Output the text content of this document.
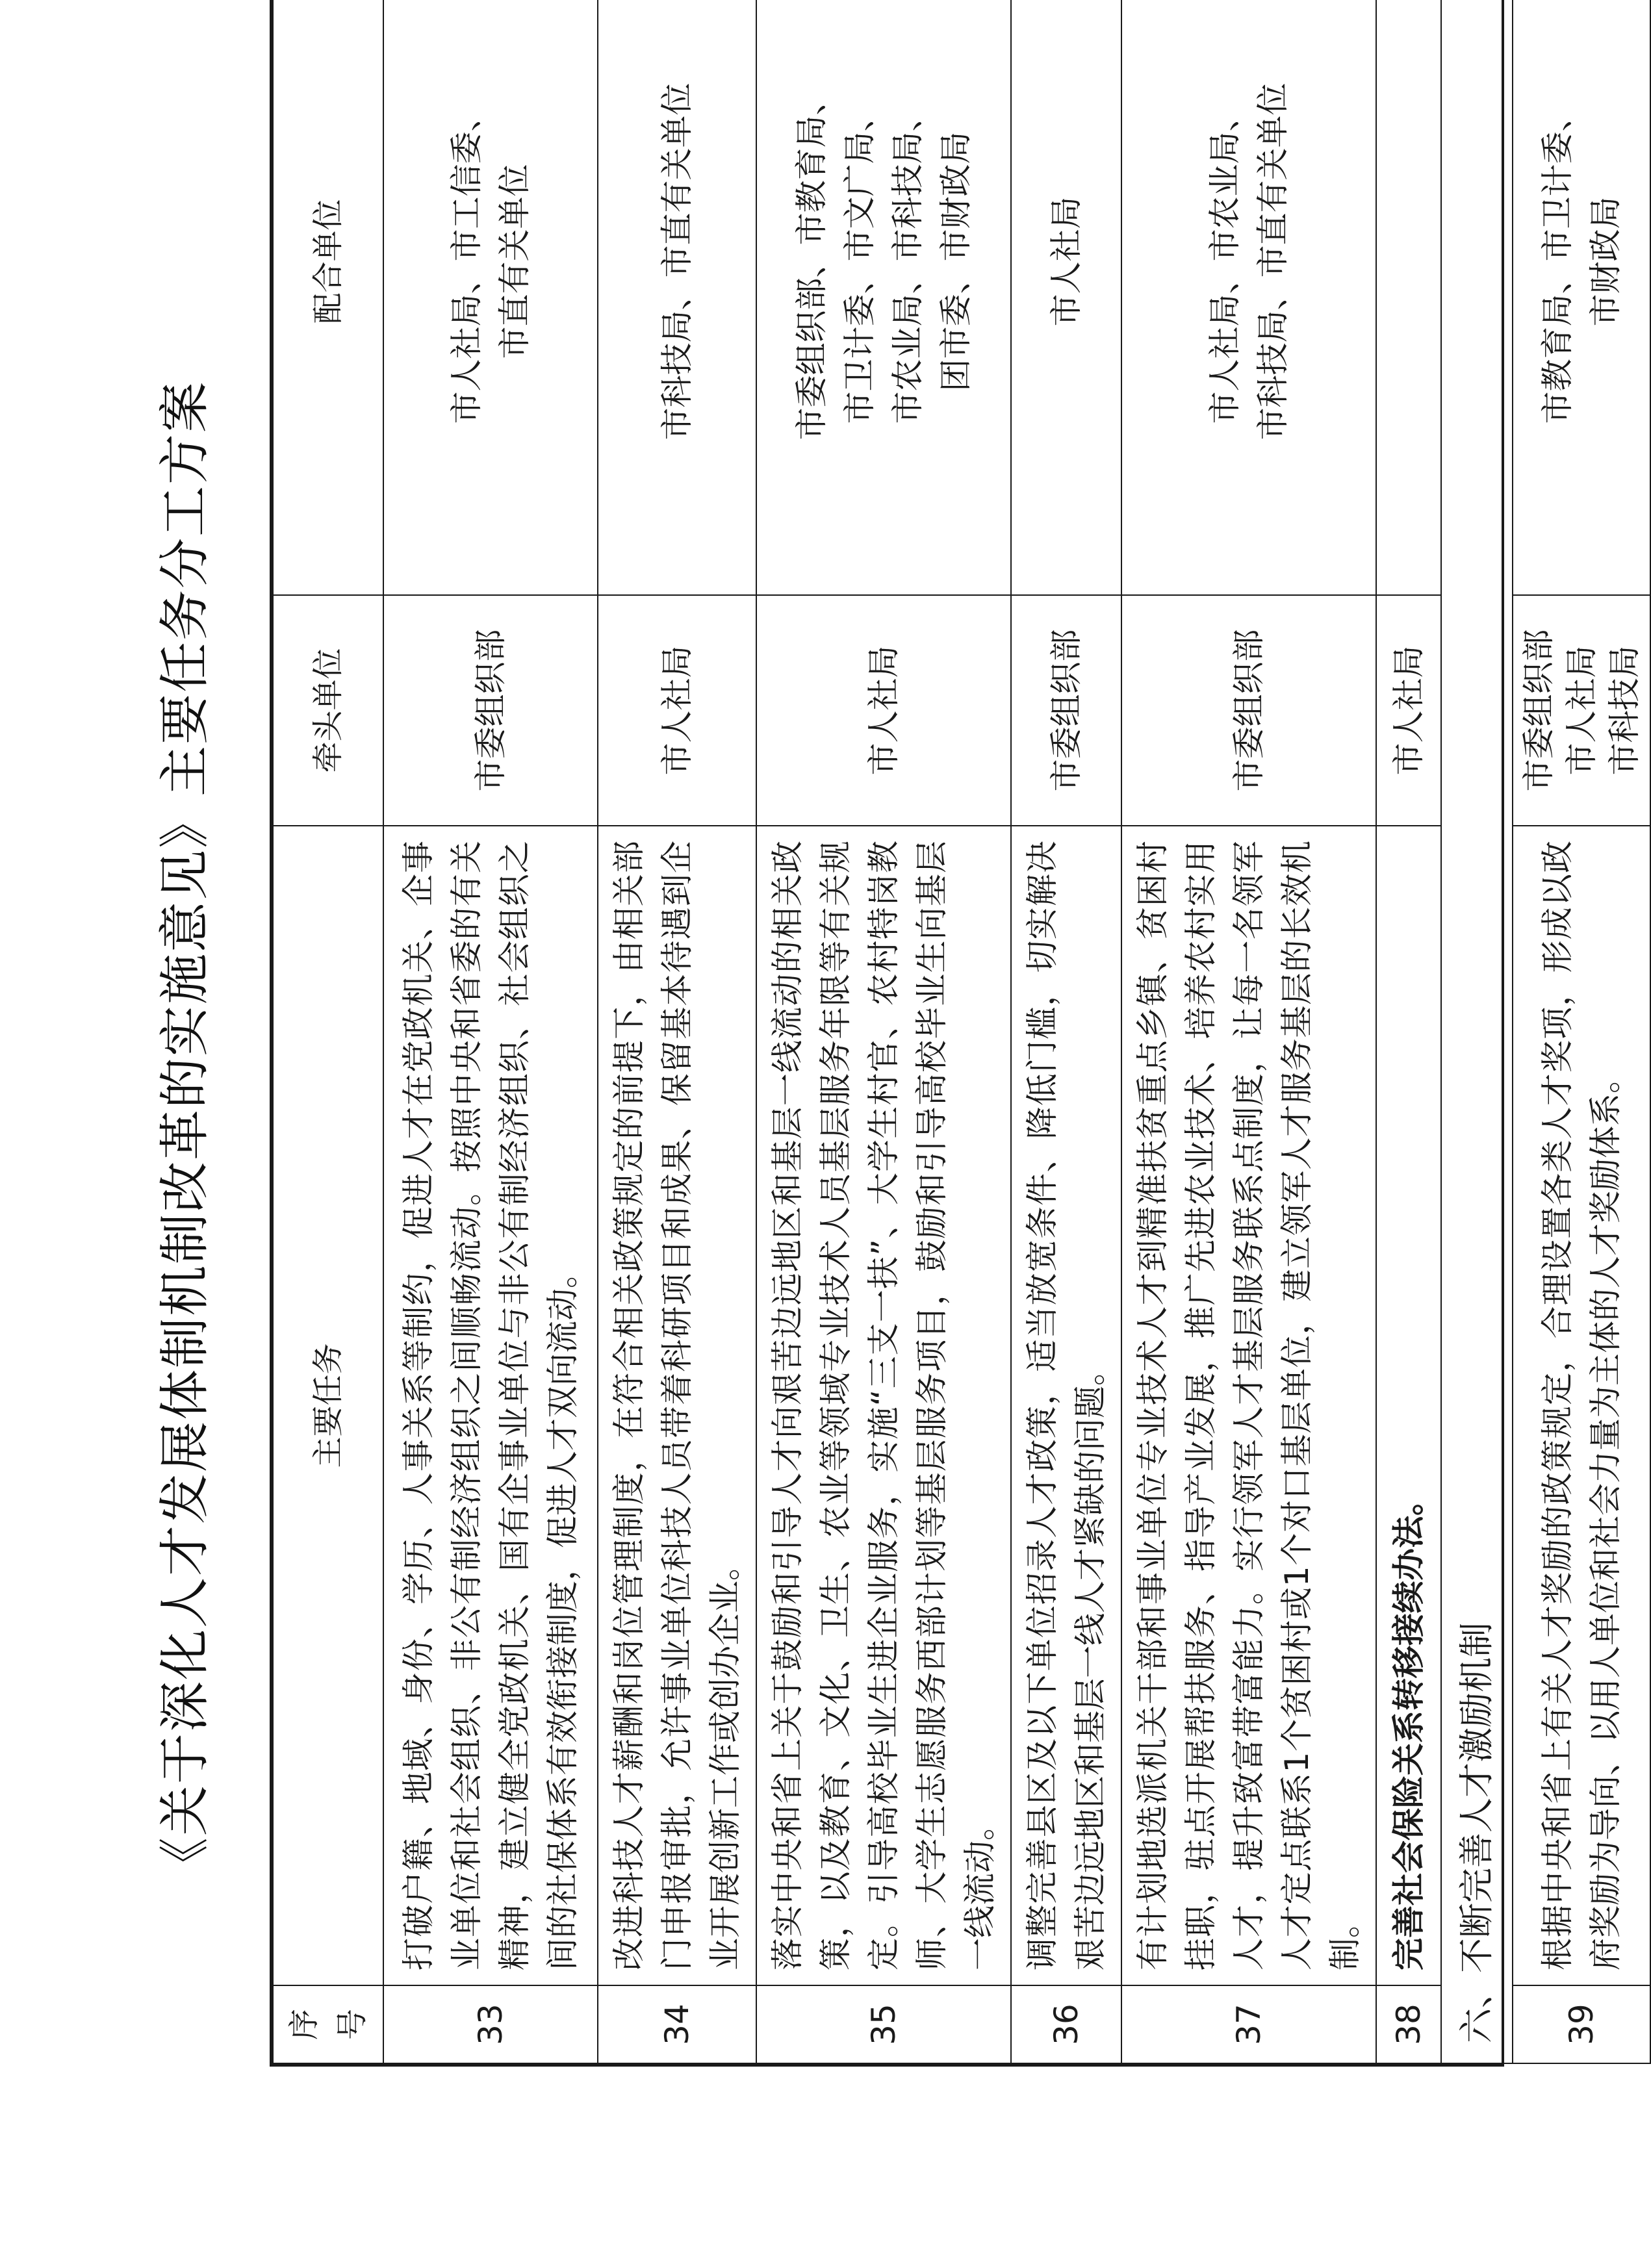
《关于深化人才发展体制机制改革的实施意见》主要任务分工方案
序号	主要任务	牵头单位	配合单位
33	打破户籍、地域、身份、学历、人事关系等制约，促进人才在党政机关、企事业单位和社会组织、非公有制经济组织之间顺畅流动。按照中央和省委的有关精神，建立健全党政机关、国有企事业单位与非公有制经济组织、社会组织之间的社保体系有效衔接制度，促进人才双向流动。	市委组织部	市人社局、市工信委、 市直有关单位

34	改进科技人才薪酬和岗位管理制度，在符合相关政策规定的前提下，由相关部门申报审批，允许事业单位科技人员带着科研项目和成果、保留基本待遇到企业开展创新工作或创办企业。	市人社局	市科技局、市直有关单位

35	落实中央和省上关于鼓励和引导人才向艰苦边远地区和基层一线流动的相关政策，以及教育、文化、卫生、农业等领域专业技术人员基层服务年限等有关规定。引导高校毕业生进企业服务，实施“三支一扶”、大学生村官、农村特岗教师、大学生志愿服务西部计划等基层服务项目，鼓励和引导高校毕业生向基层一线流动。	市人社局	市委组织部、市教育局、 市卫计委、市文广局、 市农业局、市科技局、 团市委、市财政局

36	调整完善县区及以下单位招录人才政策，适当放宽条件、降低门槛，切实解决艰苦边远地区和基层一线人才紧缺的问题。	市委组织部	市人社局

37	有计划地选派机关干部和事业单位专业技术人才到精准扶贫重点乡镇、贫困村挂职，驻点开展帮扶服务、指导产业发展，推广先进农业技术、培养农村实用人才，提升致富带富能力。实行领军人才基层服务联系点制度，让每一名领军人才定点联系1个贫困村或1个对口基层单位，建立领军人才服务基层的长效机制。	市委组织部	市人社局、市农业局、 市科技局、市直有关单位

38	完善社会保险关系转移接续办法。	市人社局	

六、不断完善人才激励机制			
39	根据中央和省上有关人才奖励的政策规定，合理设置各类人才奖项，形成以政府奖励为导向、以用人单位和社会力量为主体的人才奖励体系。	市委组织部 市人社局 市科技局	市教育局、市卫计委、 市财政局
